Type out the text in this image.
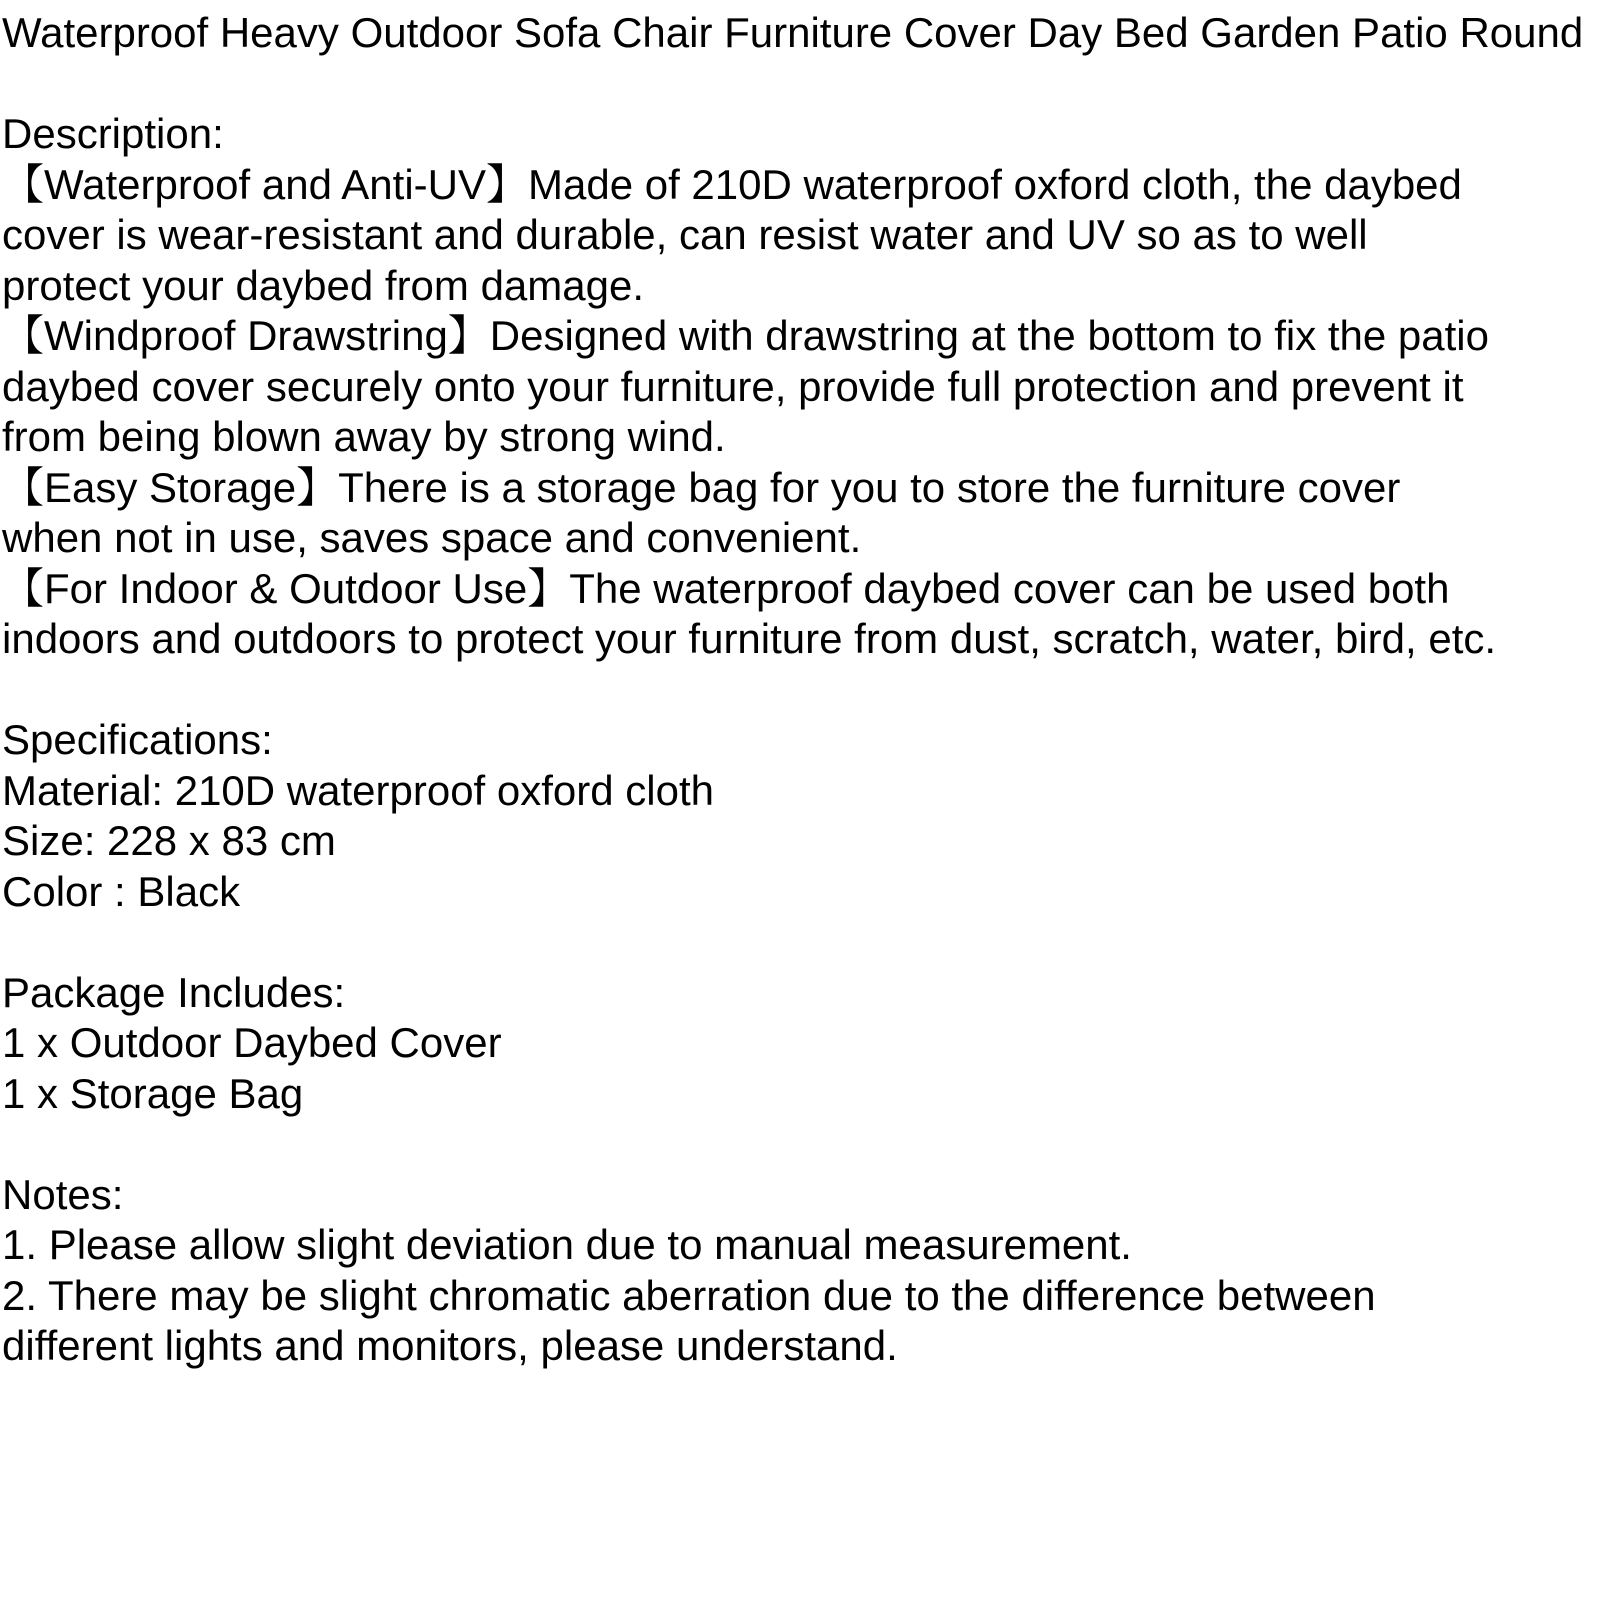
Waterproof Heavy Outdoor Sofa Chair Furniture Cover Day Bed Garden Patio Round
Description:
【Waterproof and Anti-UV】Made of 210D waterproof oxford cloth, the daybed
cover is wear-resistant and durable, can resist water and UV so as to well
protect your daybed from damage.
【Windproof Drawstring】Designed with drawstring at the bottom to fix the patio
daybed cover securely onto your furniture, provide full protection and prevent it
from being blown away by strong wind.
【Easy Storage】There is a storage bag for you to store the furniture cover
when not in use, saves space and convenient.
【For Indoor & Outdoor Use】The waterproof daybed cover can be used both
indoors and outdoors to protect your furniture from dust, scratch, water, bird, etc.
Specifications:
Material: 210D waterproof oxford cloth
Size: 228 x 83 cm
Color : Black
Package Includes:
1 x Outdoor Daybed Cover
1 x Storage Bag
Notes:
1. Please allow slight deviation due to manual measurement.
2. There may be slight chromatic aberration due to the difference between
different lights and monitors, please understand.
